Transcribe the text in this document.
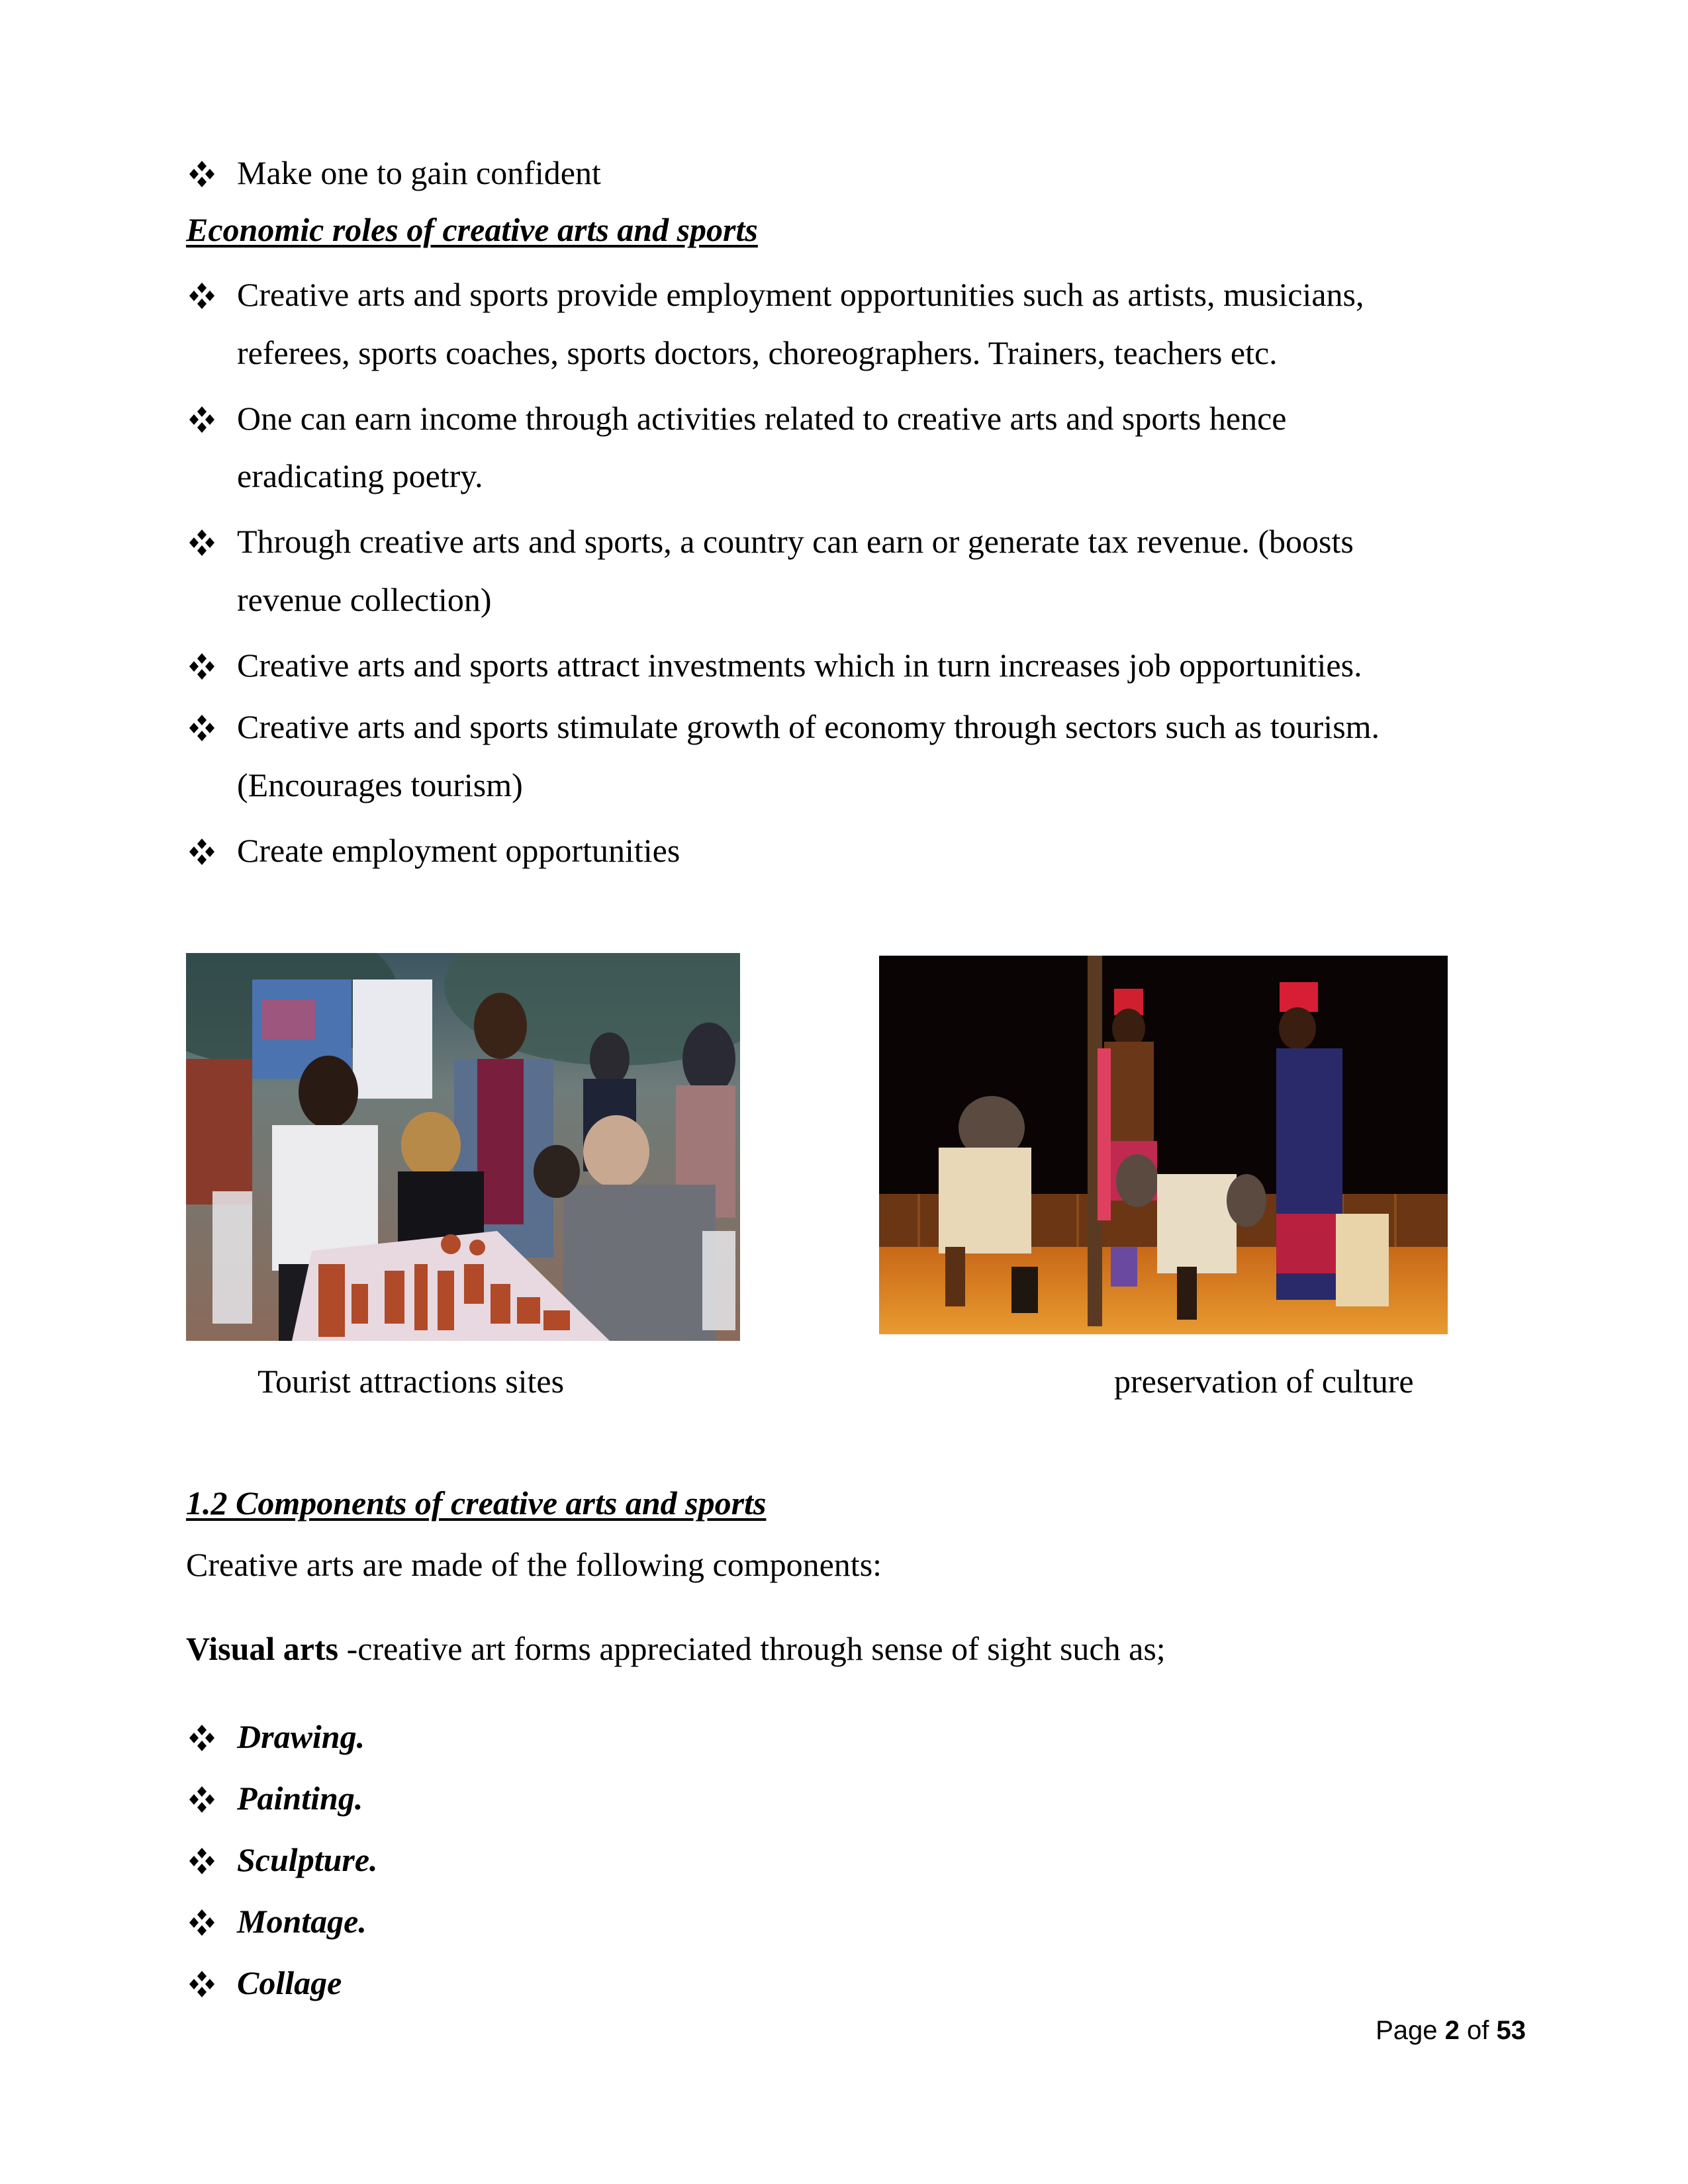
Make one to gain confident
Economic roles of creative arts and sports
Creative arts and sports provide employment opportunities such as artists, musicians,
referees, sports coaches, sports doctors, choreographers. Trainers, teachers etc.
One can earn income through activities related to creative arts and sports hence
eradicating poetry.
Through creative arts and sports, a country can earn or generate tax revenue. (boosts
revenue collection)
Creative arts and sports attract investments which in turn increases job opportunities.
Creative arts and sports stimulate growth of economy through sectors such as tourism.
(Encourages tourism)
Create employment opportunities
Tourist attractions sites	preservation of culture
1.2 Components of creative arts and sports
Creative arts are made of the following components:
Visual arts -creative art forms appreciated through sense of sight such as;
Drawing.
Painting.
Sculpture.
Montage.
Collage
Page 2 of 53
